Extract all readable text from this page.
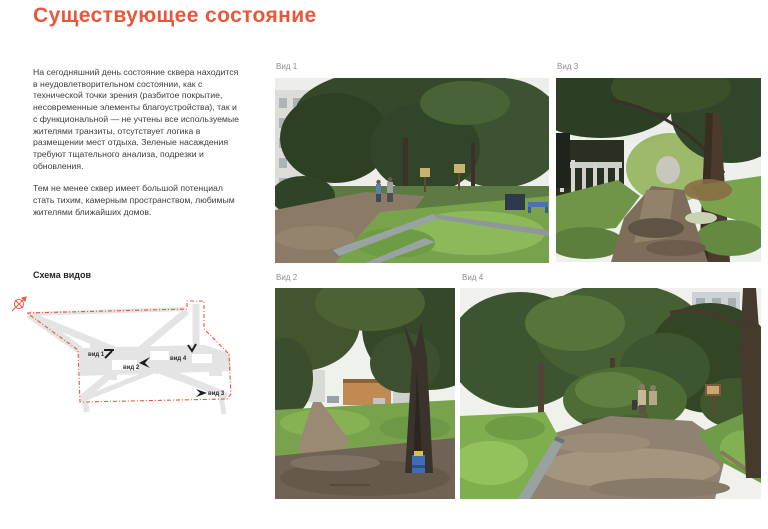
Существующее состояние

На сегодняшний день состояние сквера находится в неудовлетворительном состоянии, как с технической точки зрения (разбитое покрытие, несовременные элементы благоустройства), так и с функциональной — не учтены все используемые жителями транзиты, отсутствует логика в размещении мест отдыха. Зеленые насаждения требуют тщательного анализа, подрезки и обновления.

Тем не менее сквер имеет большой потенциал стать тихим, камерным пространством, любимым жителями ближайших домов.

Схема видов
вид 1
вид 2
вид 4
вид 3
Вид 1	Вид 3
Вид 2	Вид 4
